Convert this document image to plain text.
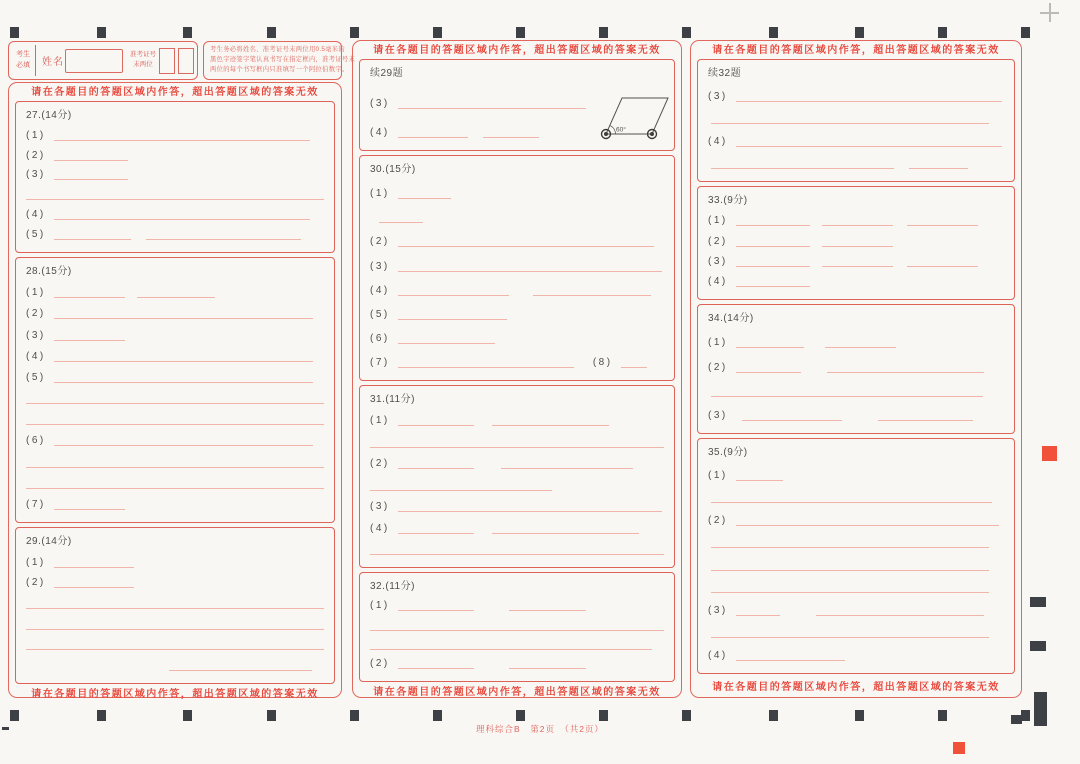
考生
必填 姓名
准考证号
末两位
考生务必将姓名、准考证号末两位用0.5毫米的
黑色字迹签字笔认真书写在指定框内，准考证号末
两位的每个书写框内只准填写一个阿拉伯数字。
请在各题目的答题区域内作答，超出答题区域的答案无效
27.(14分)
(1)
(2)
(3)
(4)
(5)
28.(15分)
(1)
(2)
(3)
(4)
(5)
(6)
(7)
29.(14分)
(1)
(2)
请在各题目的答题区域内作答，超出答题区域的答案无效
请在各题目的答题区域内作答，超出答题区域的答案无效
续29题
(3)
(4)
30.(15分)
(1)
(2)
(3)
(4)
(5)
(6)
(7)	(8)
31.(11分)
(1)
(2)
(3)
(4)
32.(11分)
(1)
(2)
请在各题目的答题区域内作答，超出答题区域的答案无效
请在各题目的答题区域内作答，超出答题区域的答案无效
续32题
(3)
(4)
33.(9分)
(1)
(2)
(3)
(4)
34.(14分)
(1)
(2)
(3)
35.(9分)
(1)
(2)
(3)
(4)
请在各题目的答题区域内作答，超出答题区域的答案无效
60°
理科综合B　第2页　（共2页）
